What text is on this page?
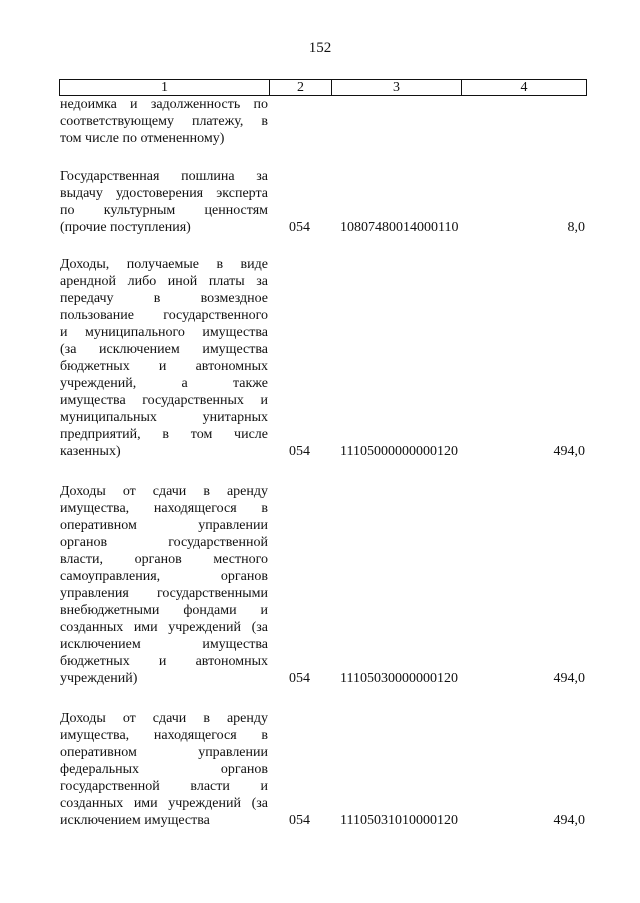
152
1	2	3	4
недоимка и задолженность по
соответствующему платежу, в
том числе по отмененному)
Государственная пошлина за
выдачу удостоверения эксперта
по культурным ценностям
(прочие поступления)	054 10807480014000110	8,0
Доходы, получаемые в виде
арендной либо иной платы за
передачу в возмездное
пользование государственного
и муниципального имущества
(за исключением имущества
бюджетных и автономных
учреждений, а также
имущества государственных и
муниципальных унитарных
предприятий, в том числе
казенных)	054 11105000000000120	494,0
Доходы от сдачи в аренду
имущества, находящегося в
оперативном управлении
органов государственной
власти, органов местного
самоуправления, органов
управления государственными
внебюджетными фондами и
созданных ими учреждений (за
исключением имущества
бюджетных и автономных
учреждений)	054 11105030000000120	494,0
Доходы от сдачи в аренду
имущества, находящегося в
оперативном управлении
федеральных органов
государственной власти и
созданных ими учреждений (за
исключением имущества	054 11105031010000120	494,0
